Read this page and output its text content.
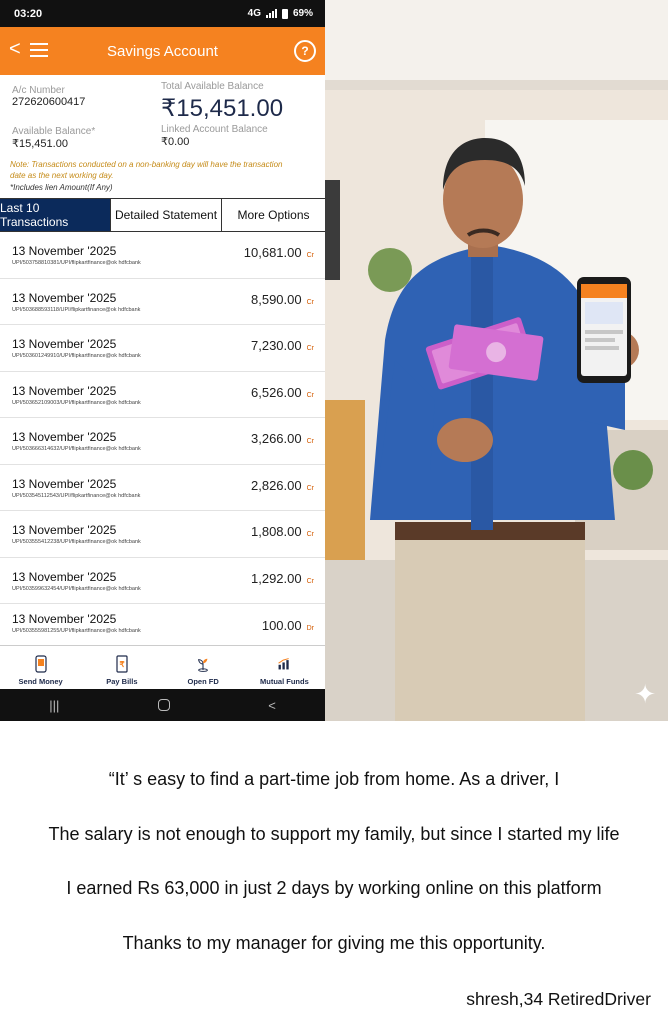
03:20	4G	69%
<	Savings Account	?
A/c Number
272620600417
Total Available Balance
₹15,451.00
Available Balance*
₹15,451.00
Linked Account Balance
₹0.00
Note: Transactions conducted on a non-banking day will have the transaction date as the next working day.
*Includes lien Amount(If Any)
Last 10 Transactions	Detailed Statement	More Options
13 November '2025
UPI/503758810381/UPI/flipkartfinance@ok hdfcbank
10,681.00 Cr
13 November '2025
UPI/503688593118/UPI/flipkartfinance@ok hdfcbank
8,590.00 Cr
13 November '2025
UPI/503601249910/UPI/flipkartfinance@ok hdfcbank
7,230.00 Cr
13 November '2025
UPI/503652109003/UPI/flipkartfinance@ok hdfcbank
6,526.00 Cr
13 November '2025
UPI/503666314632/UPI/flipkartfinance@ok hdfcbank
3,266.00 Cr
13 November '2025
UPI/503545112543/UPI/flipkartfinance@ok hdfcbank
2,826.00 Cr
13 November '2025
UPI/503555412238/UPI/flipkartfinance@ok hdfcbank
1,808.00 Cr
13 November '2025
UPI/503599632454/UPI/flipkartfinance@ok hdfcbank
1,292.00 Cr
13 November '2025
UPI/503555981255/UPI/flipkartfinance@ok hdfcbank	100.00 Dr
Send Money
₹
Pay Bills	Open FD	Mutual Funds
|||	<	✦
“It’ s easy to find a part-time job from home. As a driver, I
The salary is not enough to support my family, but since I started my life
I earned Rs 63,000 in just 2 days by working online on this platform
Thanks to my manager for giving me this opportunity.
shresh,34 RetiredDriver
